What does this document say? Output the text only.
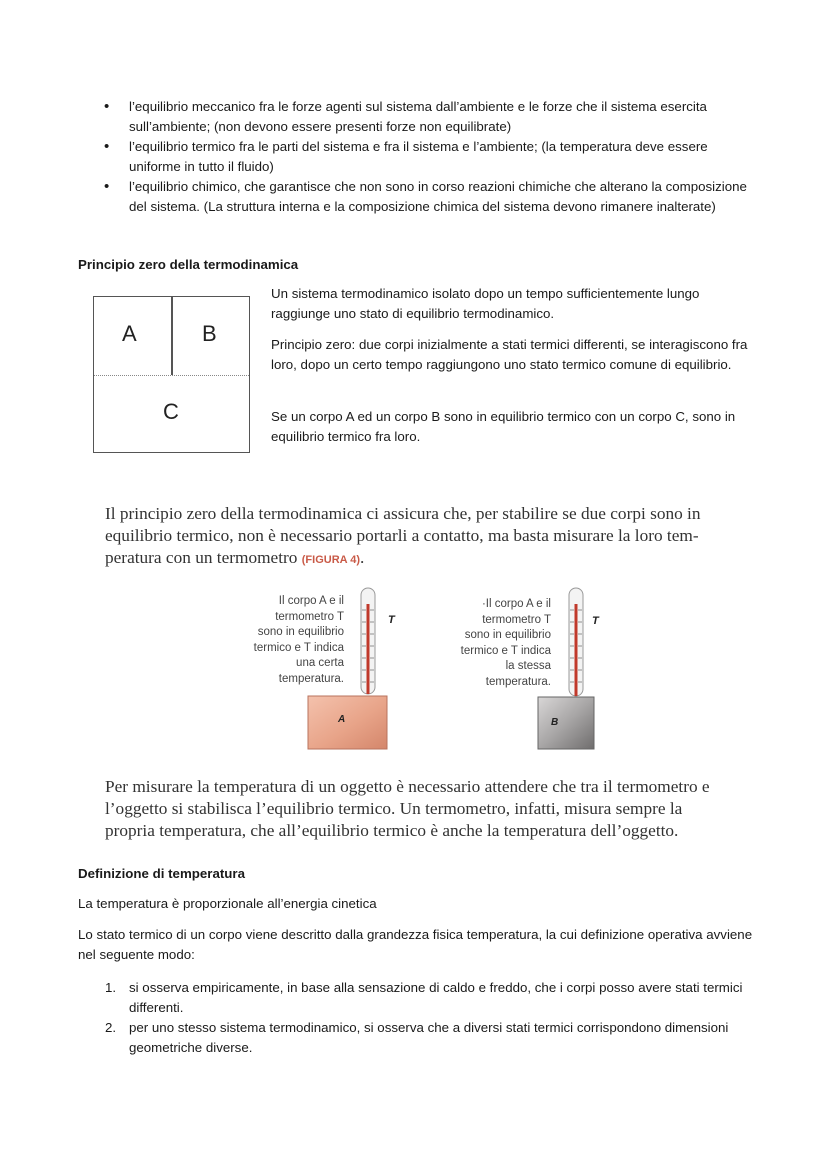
• l’equilibrio meccanico fra le forze agenti sul sistema dall’ambiente e le forze che il sistema esercita sull’ambiente; (non devono essere presenti forze non equilibrate)
• l’equilibrio termico fra le parti del sistema e fra il sistema e l’ambiente; (la temperatura deve essere uniforme in tutto il fluido)
• l’equilibrio chimico, che garantisce che non sono in corso reazioni chimiche che alterano la composizione del sistema. (La struttura interna e la composizione chimica del sistema devono rimanere inalterate)
Principio zero della termodinamica
A	B
C
Un sistema termodinamico isolato dopo un tempo sufficientemente lungo raggiunge uno stato di equilibrio termodinamico.
Principio zero: due corpi inizialmente a stati termici differenti, se interagiscono fra loro, dopo un certo tempo raggiungono uno stato termico comune di equilibrio.
Se un corpo A ed un corpo B sono in equilibrio termico con un corpo C, sono in equilibrio termico fra loro.
Il principio zero della termodinamica ci assicura che, per stabilire se due corpi sono in equilibrio termico, non è necessario portarli a contatto, ma basta misurare la loro tem-peratura con un termometro (FIGURA 4).
Il corpo A e il
termometro T
sono in equilibrio
termico e T indica
una certa
temperatura.
·Il corpo A e il
termometro T
sono in equilibrio
termico e T indica
la stessa
temperatura.
T	T
A	B
Per misurare la temperatura di un oggetto è necessario attendere che tra il termometro e l’oggetto si stabilisca l’equilibrio termico. Un termometro, infatti, misura sempre la propria temperatura, che all’equilibrio termico è anche la temperatura dell’oggetto.
Definizione di temperatura
La temperatura è proporzionale all’energia cinetica
Lo stato termico di un corpo viene descritto dalla grandezza fisica temperatura, la cui definizione operativa avviene nel seguente modo:
1. si osserva empiricamente, in base alla sensazione di caldo e freddo, che i corpi posso avere stati termici differenti.
2. per uno stesso sistema termodinamico, si osserva che a diversi stati termici corrispondono dimensioni geometriche diverse.
